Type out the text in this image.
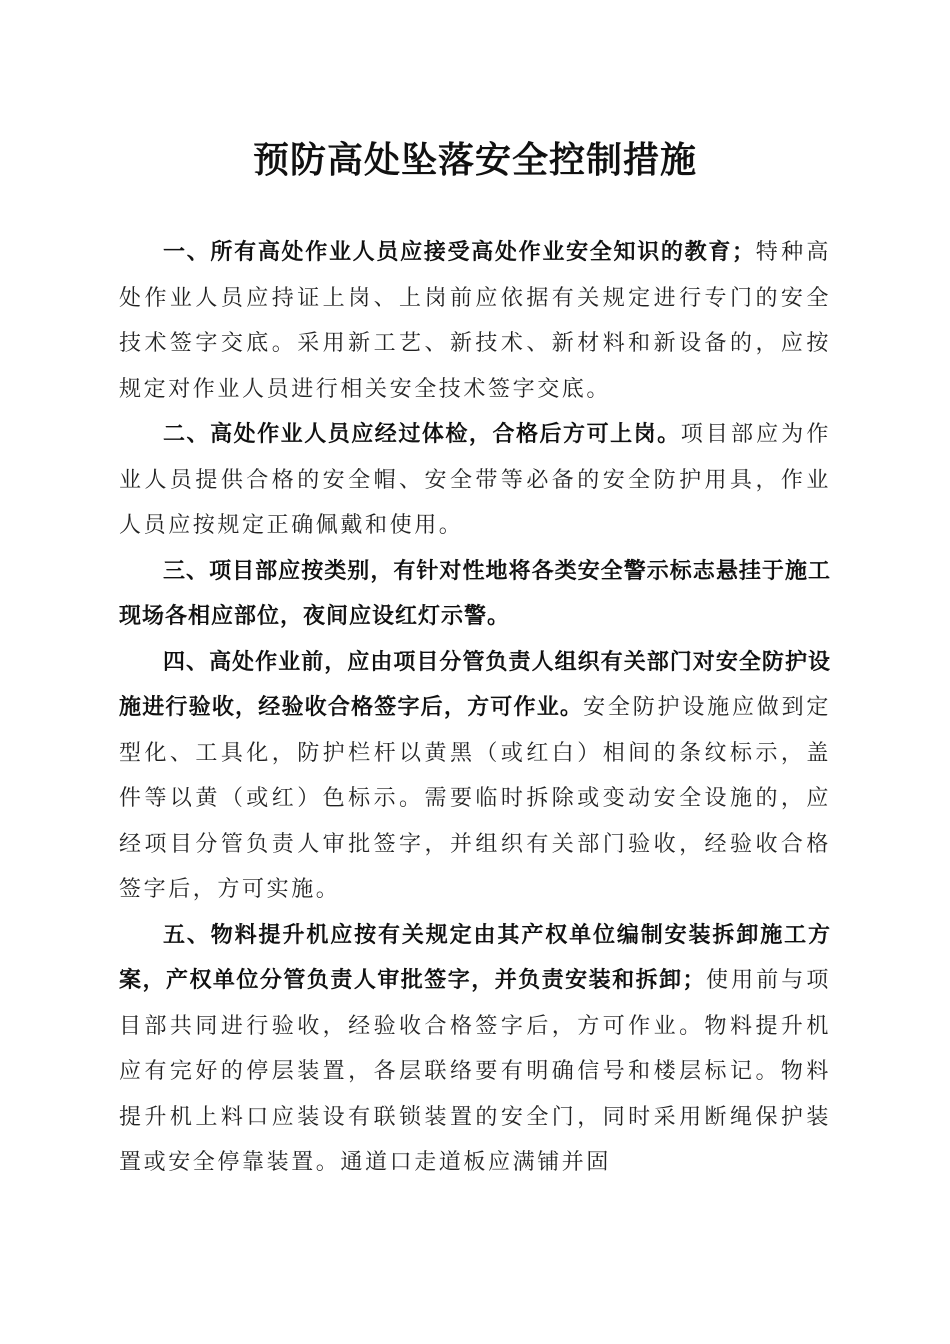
预防高处坠落安全控制措施

一、所有高处作业人员应接受高处作业安全知识的教育；特种高处作业人员应持证上岗、上岗前应依据有关规定进行专门的安全技术签字交底。采用新工艺、新技术、新材料和新设备的，应按规定对作业人员进行相关安全技术签字交底。

二、高处作业人员应经过体检，合格后方可上岗。项目部应为作业人员提供合格的安全帽、安全带等必备的安全防护用具，作业人员应按规定正确佩戴和使用。

三、项目部应按类别，有针对性地将各类安全警示标志悬挂于施工现场各相应部位，夜间应设红灯示警。

四、高处作业前，应由项目分管负责人组织有关部门对安全防护设施进行验收，经验收合格签字后，方可作业。安全防护设施应做到定型化、工具化，防护栏杆以黄黑（或红白）相间的条纹标示，盖件等以黄（或红）色标示。需要临时拆除或变动安全设施的，应经项目分管负责人审批签字，并组织有关部门验收，经验收合格签字后，方可实施。

五、物料提升机应按有关规定由其产权单位编制安装拆卸施工方案，产权单位分管负责人审批签字，并负责安装和拆卸；使用前与项目部共同进行验收，经验收合格签字后，方可作业。物料提升机应有完好的停层装置，各层联络要有明确信号和楼层标记。物料提升机上料口应装设有联锁装置的安全门，同时采用断绳保护装置或安全停靠装置。通道口走道板应满铺并固
